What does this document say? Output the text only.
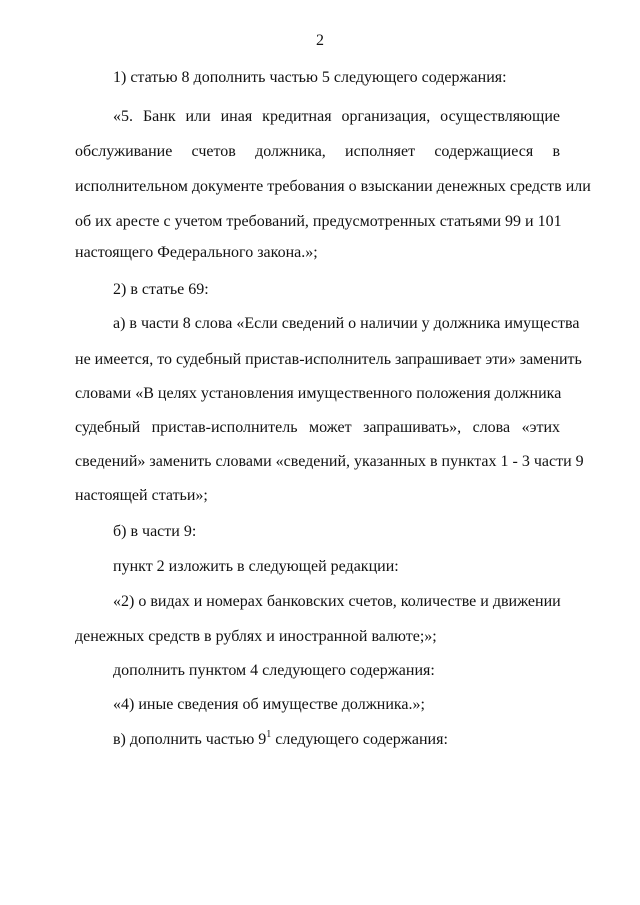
2
1) статью 8 дополнить частью 5 следующего содержания:
«5. Банк или иная кредитная организация, осуществляющие
обслуживание счетов должника, исполняет содержащиеся в
исполнительном документе требования о взыскании денежных средств или
об их аресте с учетом требований, предусмотренных статьями 99 и 101
настоящего Федерального закона.»;
2) в статье 69:
а) в части 8 слова «Если сведений о наличии у должника имущества
не имеется, то судебный пристав-исполнитель запрашивает эти» заменить
словами «В целях установления имущественного положения должника
судебный пристав-исполнитель может запрашивать», слова «этих
сведений» заменить словами «сведений, указанных в пунктах 1 - 3 части 9
настоящей статьи»;
б) в части 9:
пункт 2 изложить в следующей редакции:
«2) о видах и номерах банковских счетов, количестве и движении
денежных средств в рублях и иностранной валюте;»;
дополнить пунктом 4 следующего содержания:
«4) иные сведения об имуществе должника.»;
в) дополнить частью $9^1$ следующего содержания:
